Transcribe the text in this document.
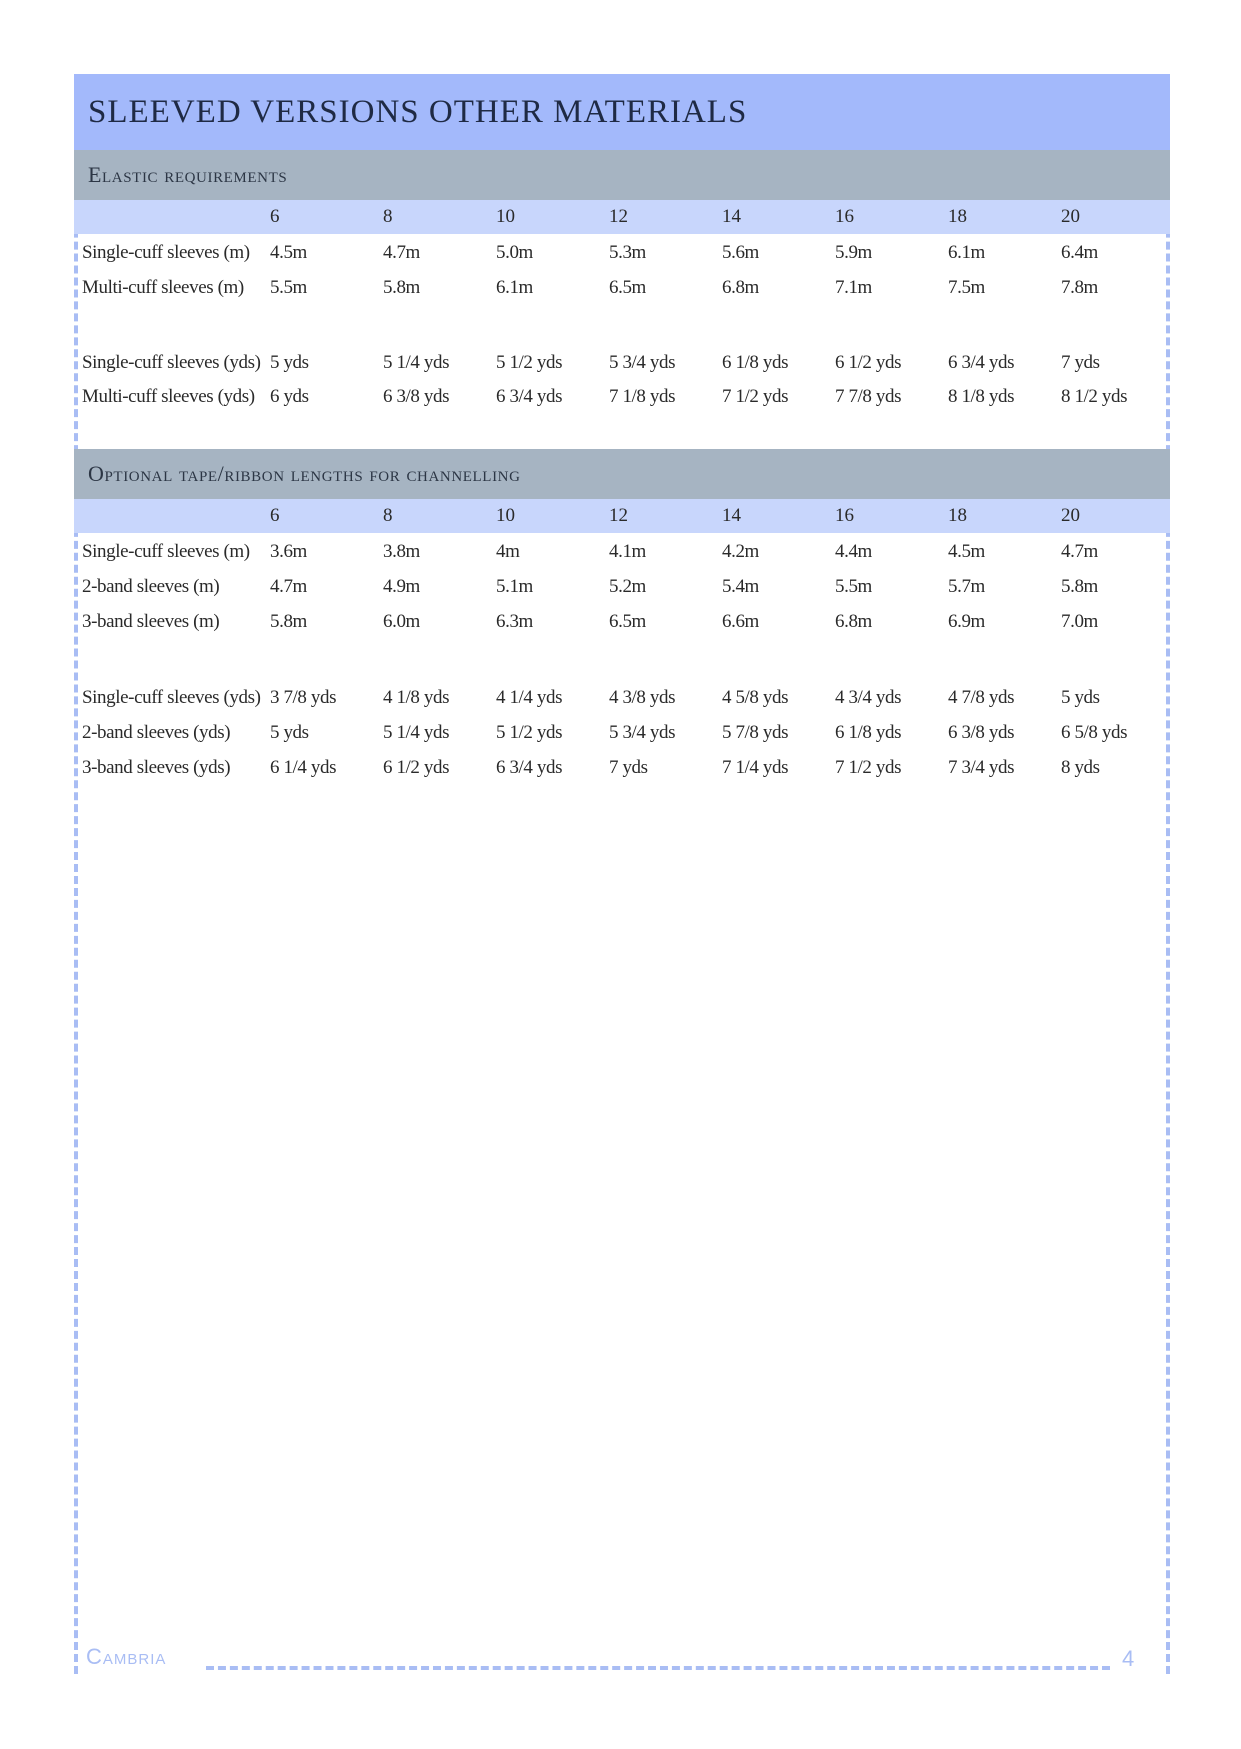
SLEEVED VERSIONS OTHER MATERIALS
Elastic requirements
6	8	10	12	14	16	18	20
Single-cuff sleeves (m) 4.5m	4.7m	5.0m	5.3m	5.6m	5.9m	6.1m	6.4m
Multi-cuff sleeves (m) 5.5m	5.8m	6.1m	6.5m	6.8m	7.1m	7.5m	7.8m
Single-cuff sleeves (yds) 5 yds	5 1/4 yds 5 1/2 yds 5 3/4 yds 6 1/8 yds 6 1/2 yds 6 3/4 yds 7 yds
Multi-cuff sleeves (yds) 6 yds	6 3/8 yds 6 3/4 yds 7 1/8 yds 7 1/2 yds 7 7/8 yds 8 1/8 yds 8 1/2 yds
Optional tape/ribbon lengths for channelling
6	8	10	12	14	16	18	20
Single-cuff sleeves (m) 3.6m	3.8m	4m	4.1m	4.2m	4.4m	4.5m	4.7m
2-band sleeves (m)	4.7m	4.9m	5.1m	5.2m	5.4m	5.5m	5.7m	5.8m
3-band sleeves (m)	5.8m	6.0m	6.3m	6.5m	6.6m	6.8m	6.9m	7.0m
Single-cuff sleeves (yds) 3 7/8 yds 4 1/8 yds 4 1/4 yds 4 3/8 yds 4 5/8 yds 4 3/4 yds 4 7/8 yds 5 yds
2-band sleeves (yds) 5 yds	5 1/4 yds 5 1/2 yds 5 3/4 yds 5 7/8 yds 6 1/8 yds 6 3/8 yds 6 5/8 yds
3-band sleeves (yds) 6 1/4 yds 6 1/2 yds 6 3/4 yds 7 yds	7 1/4 yds 7 1/2 yds 7 3/4 yds 8 yds
Cambria	4
